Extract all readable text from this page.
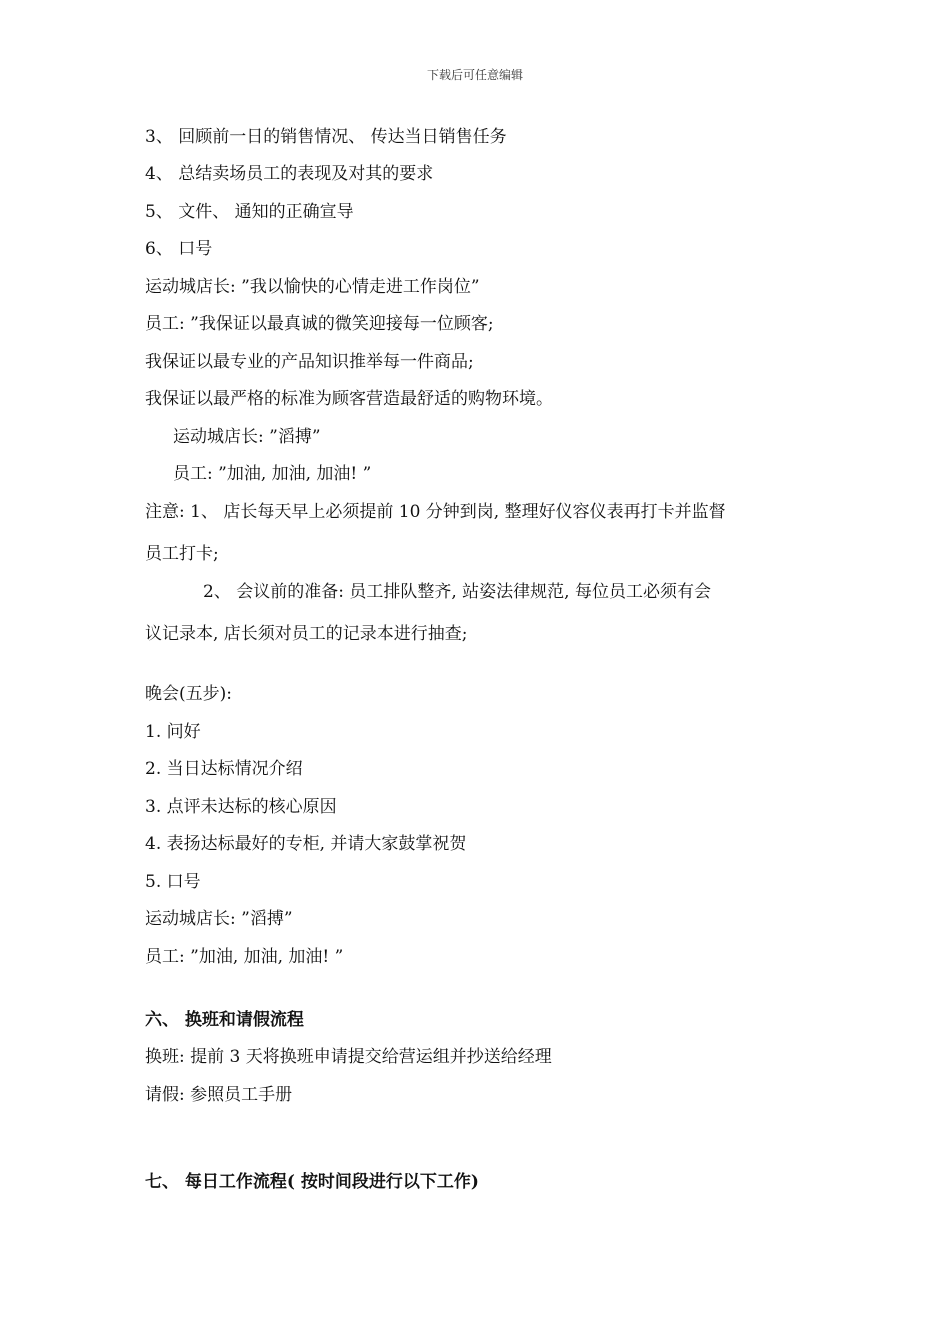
下载后可任意编辑
3、 回顾前一日的销售情况、 传达当日销售任务
4、 总结卖场员工的表现及对其的要求
5、 文件、 通知的正确宣导
6、 口号
运动城店长: ”我以愉快的心情走进工作岗位”
员工: ”我保证以最真诚的微笑迎接每一位顾客;
我保证以最专业的产品知识推举每一件商品;
我保证以最严格的标准为顾客营造最舒适的购物环境。
运动城店长: ”滔搏”
员工: ”加油, 加油, 加油! ”
注意: 1、 店长每天早上必须提前 10 分钟到岗, 整理好仪容仪表再打卡并监督
员工打卡;
2、 会议前的准备: 员工排队整齐, 站姿法律规范, 每位员工必须有会
议记录本, 店长须对员工的记录本进行抽查;
晚会(五步):
1. 问好
2. 当日达标情况介绍
3. 点评未达标的核心原因
4. 表扬达标最好的专柜, 并请大家鼓掌祝贺
5. 口号
运动城店长: ”滔搏”
员工: ”加油, 加油, 加油! ”
六、 换班和请假流程
换班: 提前 3 天将换班申请提交给营运组并抄送给经理
请假: 参照员工手册
七、 每日工作流程( 按时间段进行以下工作)
